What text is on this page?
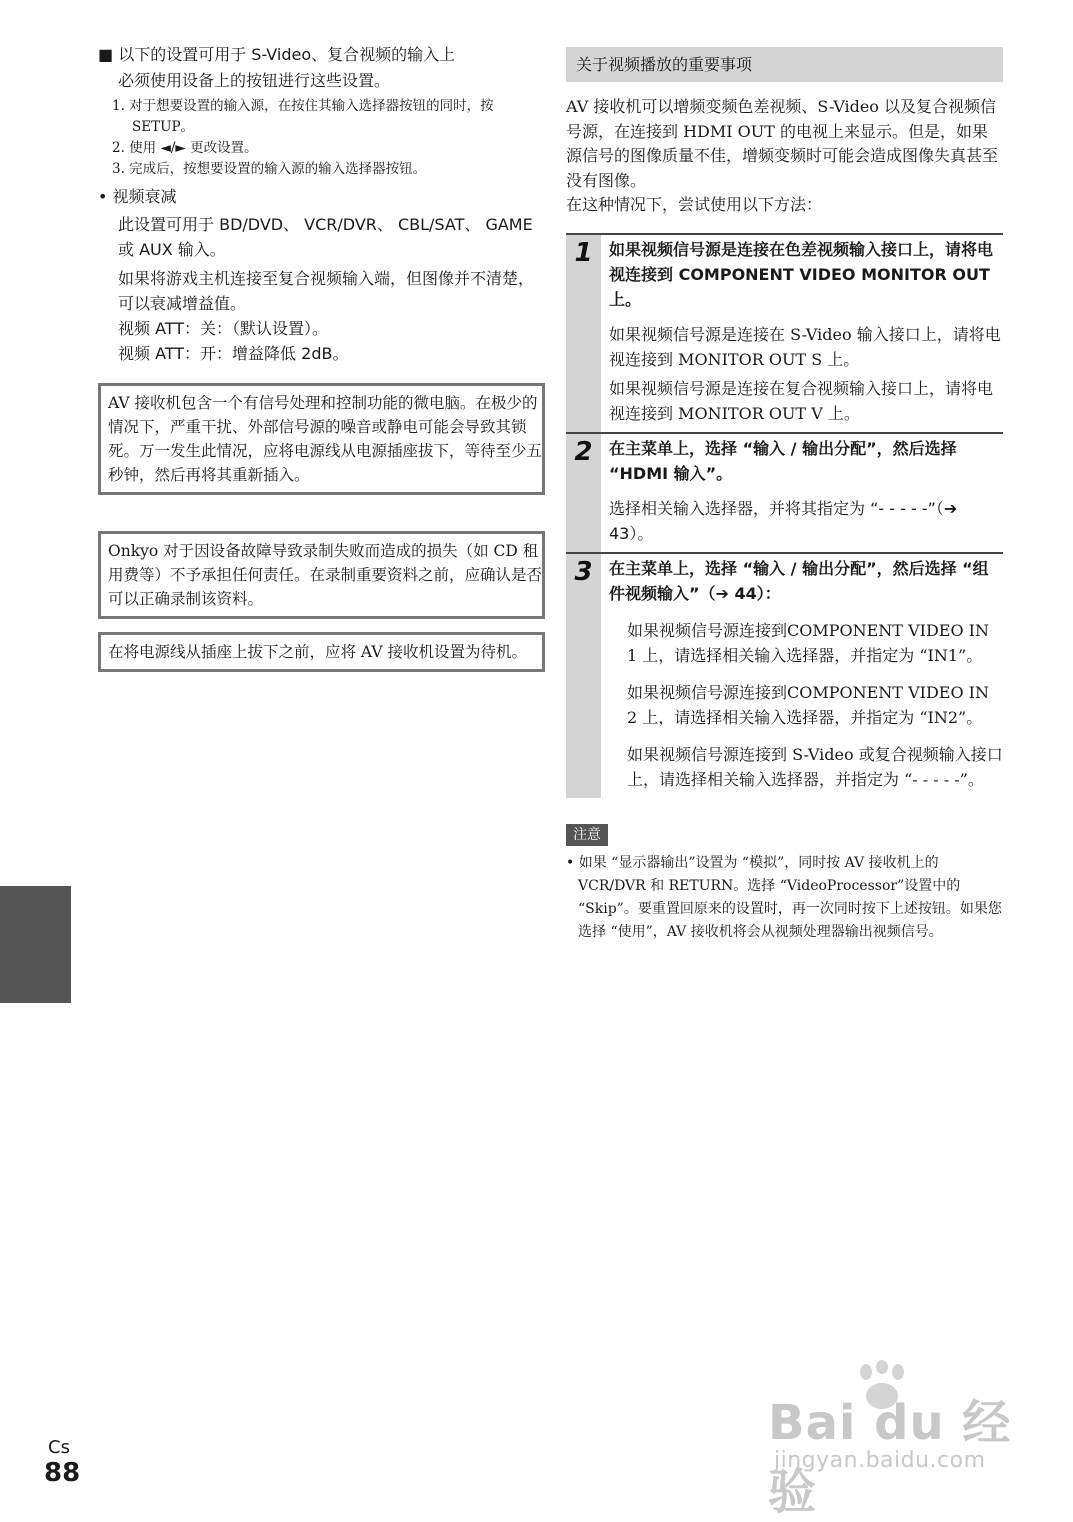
■ 以下的设置可用于 S-Video、复合视频的输入上

必须使用设备上的按钮进行这些设置。

1. 对于想要设置的输入源，在按住其输入选择器按钮的同时，按 SETUP。
2. 使用 ◄/► 更改设置。
3. 完成后，按想要设置的输入源的输入选择器按钮。

• 视频衰减

此设置可用于 BD/DVD、 VCR/DVR、 CBL/SAT、 GAME 或 AUX 输入。

如果将游戏主机连接至复合视频输入端，但图像并不清楚，可以衰减增益值。

视频 ATT：关：（默认设置）。

视频 ATT：开：增益降低 2dB。

AV 接收机包含一个有信号处理和控制功能的微电脑。在极少的情况下，严重干扰、外部信号源的噪音或静电可能会导致其锁死。万一发生此情况，应将电源线从电源插座拔下，等待至少五秒钟，然后再将其重新插入。
Onkyo 对于因设备故障导致录制失败而造成的损失（如 CD 租用费等）不予承担任何责任。在录制重要资料之前，应确认是否可以正确录制该资料。
在将电源线从插座上拔下之前，应将 AV 接收机设置为待机。
关于视频播放的重要事项

AV 接收机可以增频变频色差视频、S-Video 以及复合视频信号源，在连接到 HDMI OUT 的电视上来显示。但是，如果源信号的图像质量不佳，增频变频时可能会造成图像失真甚至没有图像。

在这种情况下，尝试使用以下方法：

1	如果视频信号源是连接在色差视频输入接口上，请将电视连接到 COMPONENT VIDEO MONITOR OUT 上。

如果视频信号源是连接在 S-Video 输入接口上，请将电视连接到 MONITOR OUT S 上。

如果视频信号源是连接在复合视频输入接口上，请将电视连接到 MONITOR OUT V 上。

2	在主菜单上，选择 “输入 / 输出分配”，然后选择 “HDMI 输入”。

选择相关输入选择器，并将其指定为 “- - - - -”（➔ 43）。

3	在主菜单上，选择 “输入 / 输出分配”，然后选择 “组件视频输入”（➔ 44）：

如果视频信号源连接到COMPONENT VIDEO IN 1 上，请选择相关输入选择器，并指定为 “IN1”。

如果视频信号源连接到COMPONENT VIDEO IN 2 上，请选择相关输入选择器，并指定为 “IN2”。

如果视频信号源连接到 S-Video 或复合视频输入接口上，请选择相关输入选择器，并指定为 “- - - - -”。

注意

• 如果 “显示器输出”设置为 “模拟”，同时按 AV 接收机上的 VCR/DVR 和 RETURN。选择 “VideoProcessor”设置中的 “Skip”。要重置回原来的设置时，再一次同时按下上述按钮。如果您选择 “使用”，AV 接收机将会从视频处理器输出视频信号。

Cs
88
Bai du 经验
jingyan.baidu.com
